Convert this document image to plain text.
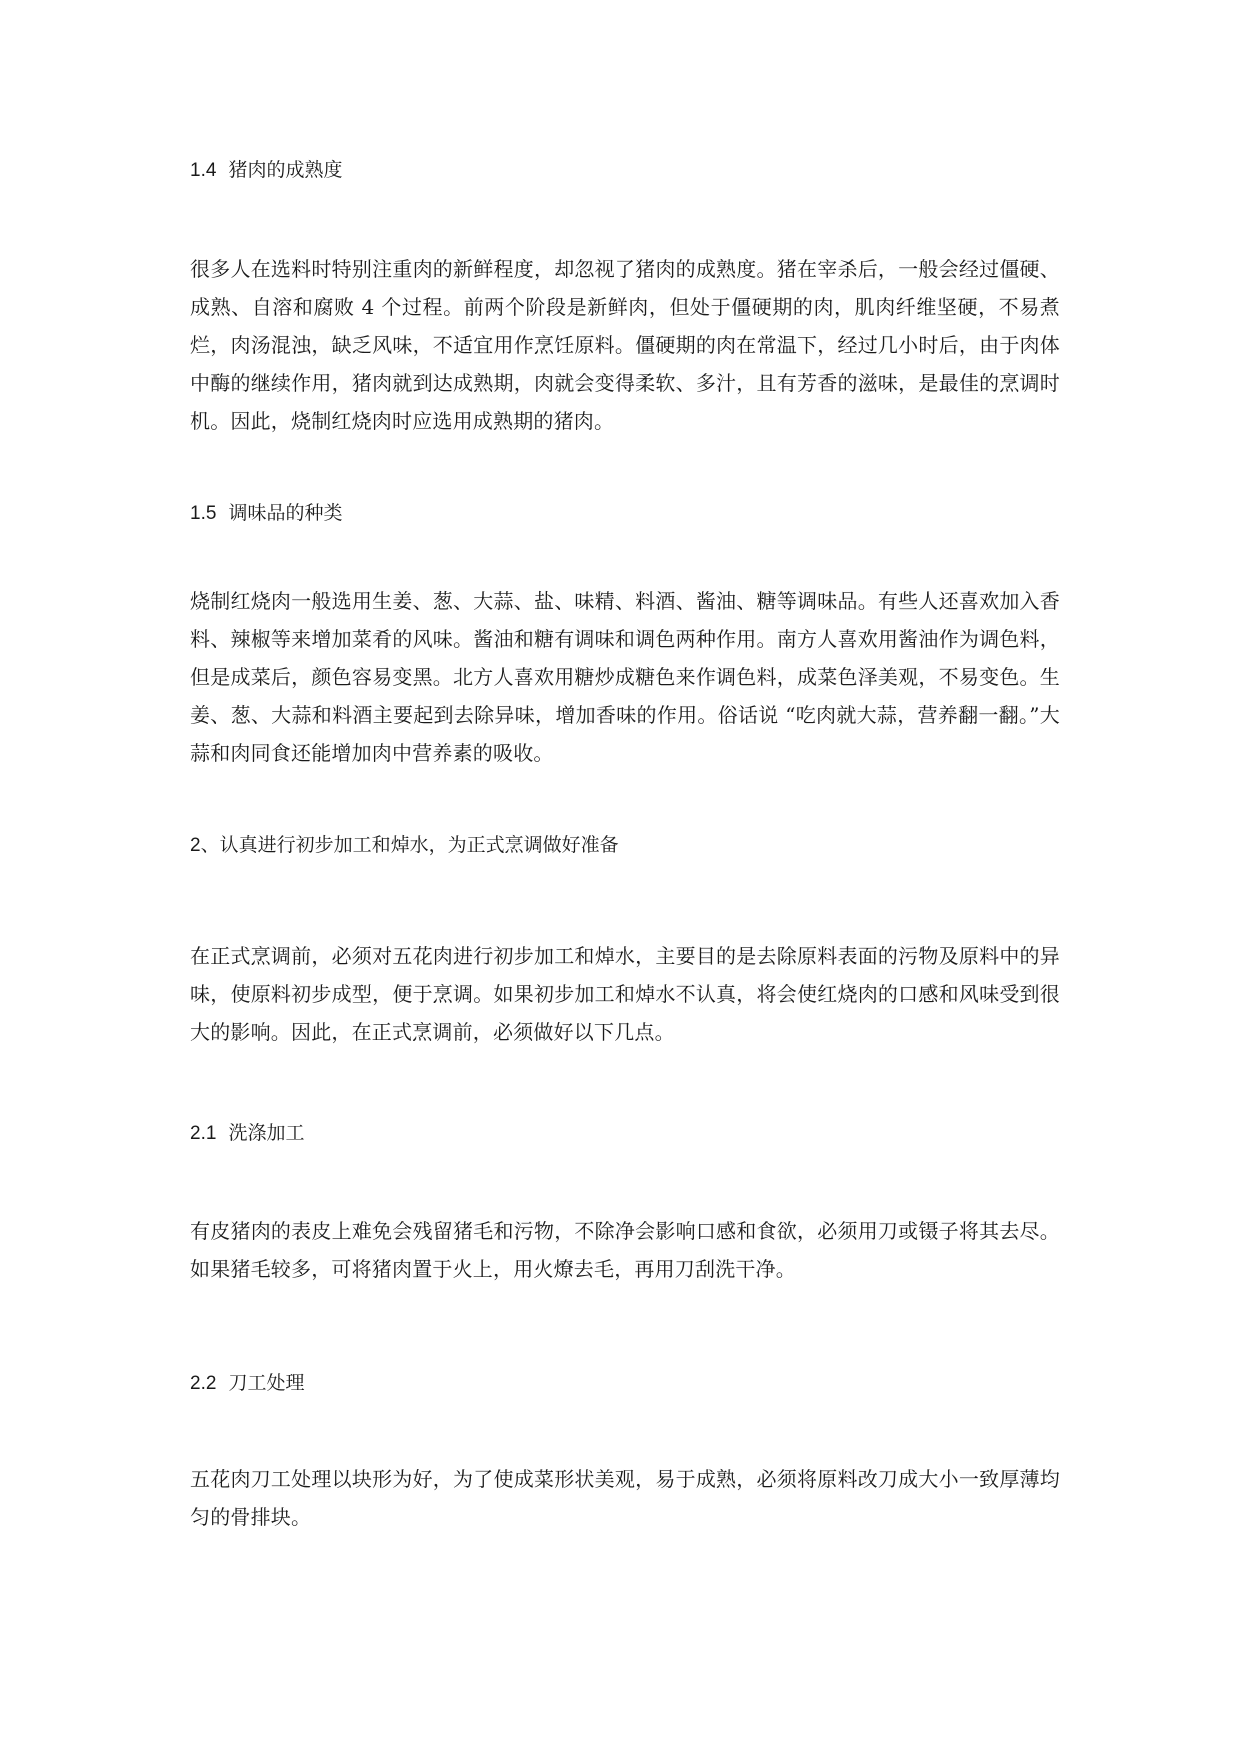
1.4 猪肉的成熟度

很多人在选料时特别注重肉的新鲜程度，却忽视了猪肉的成熟度。猪在宰杀后，一般会经过僵硬、成熟、自溶和腐败 4 个过程。前两个阶段是新鲜肉，但处于僵硬期的肉，肌肉纤维坚硬，不易煮烂，肉汤混浊，缺乏风味，不适宜用作烹饪原料。僵硬期的肉在常温下，经过几小时后，由于肉体中酶的继续作用，猪肉就到达成熟期，肉就会变得柔软、多汁，且有芳香的滋味，是最佳的烹调时机。因此，烧制红烧肉时应选用成熟期的猪肉。

1.5 调味品的种类

烧制红烧肉一般选用生姜、葱、大蒜、盐、味精、料酒、酱油、糖等调味品。有些人还喜欢加入香料、辣椒等来增加菜肴的风味。酱油和糖有调味和调色两种作用。南方人喜欢用酱油作为调色料，但是成菜后，颜色容易变黑。北方人喜欢用糖炒成糖色来作调色料，成菜色泽美观，不易变色。生姜、葱、大蒜和料酒主要起到去除异味，增加香味的作用。俗话说 “吃肉就大蒜，营养翻一翻。”大蒜和肉同食还能增加肉中营养素的吸收。

2、认真进行初步加工和焯水，为正式烹调做好准备

在正式烹调前，必须对五花肉进行初步加工和焯水，主要目的是去除原料表面的污物及原料中的异味，使原料初步成型，便于烹调。如果初步加工和焯水不认真，将会使红烧肉的口感和风味受到很大的影响。因此，在正式烹调前，必须做好以下几点。

2.1 洗涤加工

有皮猪肉的表皮上难免会残留猪毛和污物，不除净会影响口感和食欲，必须用刀或镊子将其去尽。如果猪毛较多，可将猪肉置于火上，用火燎去毛，再用刀刮洗干净。

2.2 刀工处理

五花肉刀工处理以块形为好，为了使成菜形状美观，易于成熟，必须将原料改刀成大小一致厚薄均匀的骨排块。
